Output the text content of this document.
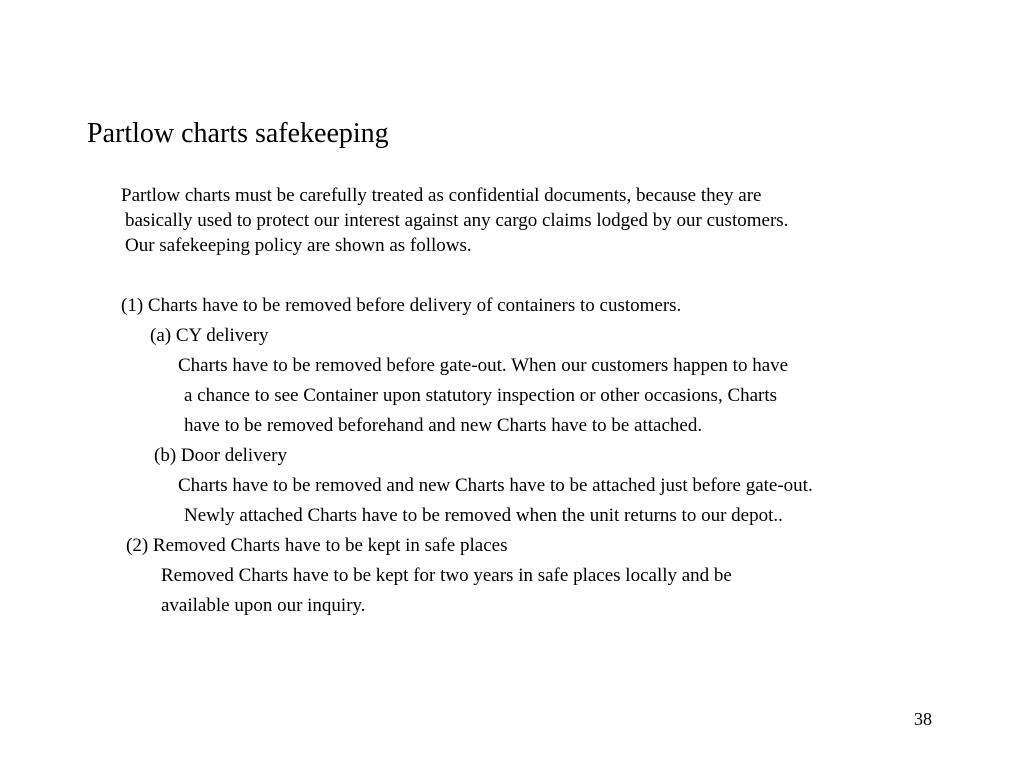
Partlow charts safekeeping
Partlow charts must be carefully treated as confidential documents, because they are
basically used to protect our interest against any cargo claims lodged by our customers.
Our safekeeping policy are shown as follows.
(1) Charts have to be removed before delivery of containers to customers.
(a) CY delivery
Charts have to be removed before gate-out. When our customers happen to have
a chance to see Container upon statutory inspection or other occasions, Charts
have to be removed beforehand and new Charts have to be attached.
(b) Door delivery
Charts have to be removed and new Charts have to be attached just before gate-out.
Newly attached Charts have to be removed when the unit returns to our depot..
(2) Removed Charts have to be kept in safe places
Removed Charts have to be kept for two years in safe places locally and be
available upon our inquiry.
38
